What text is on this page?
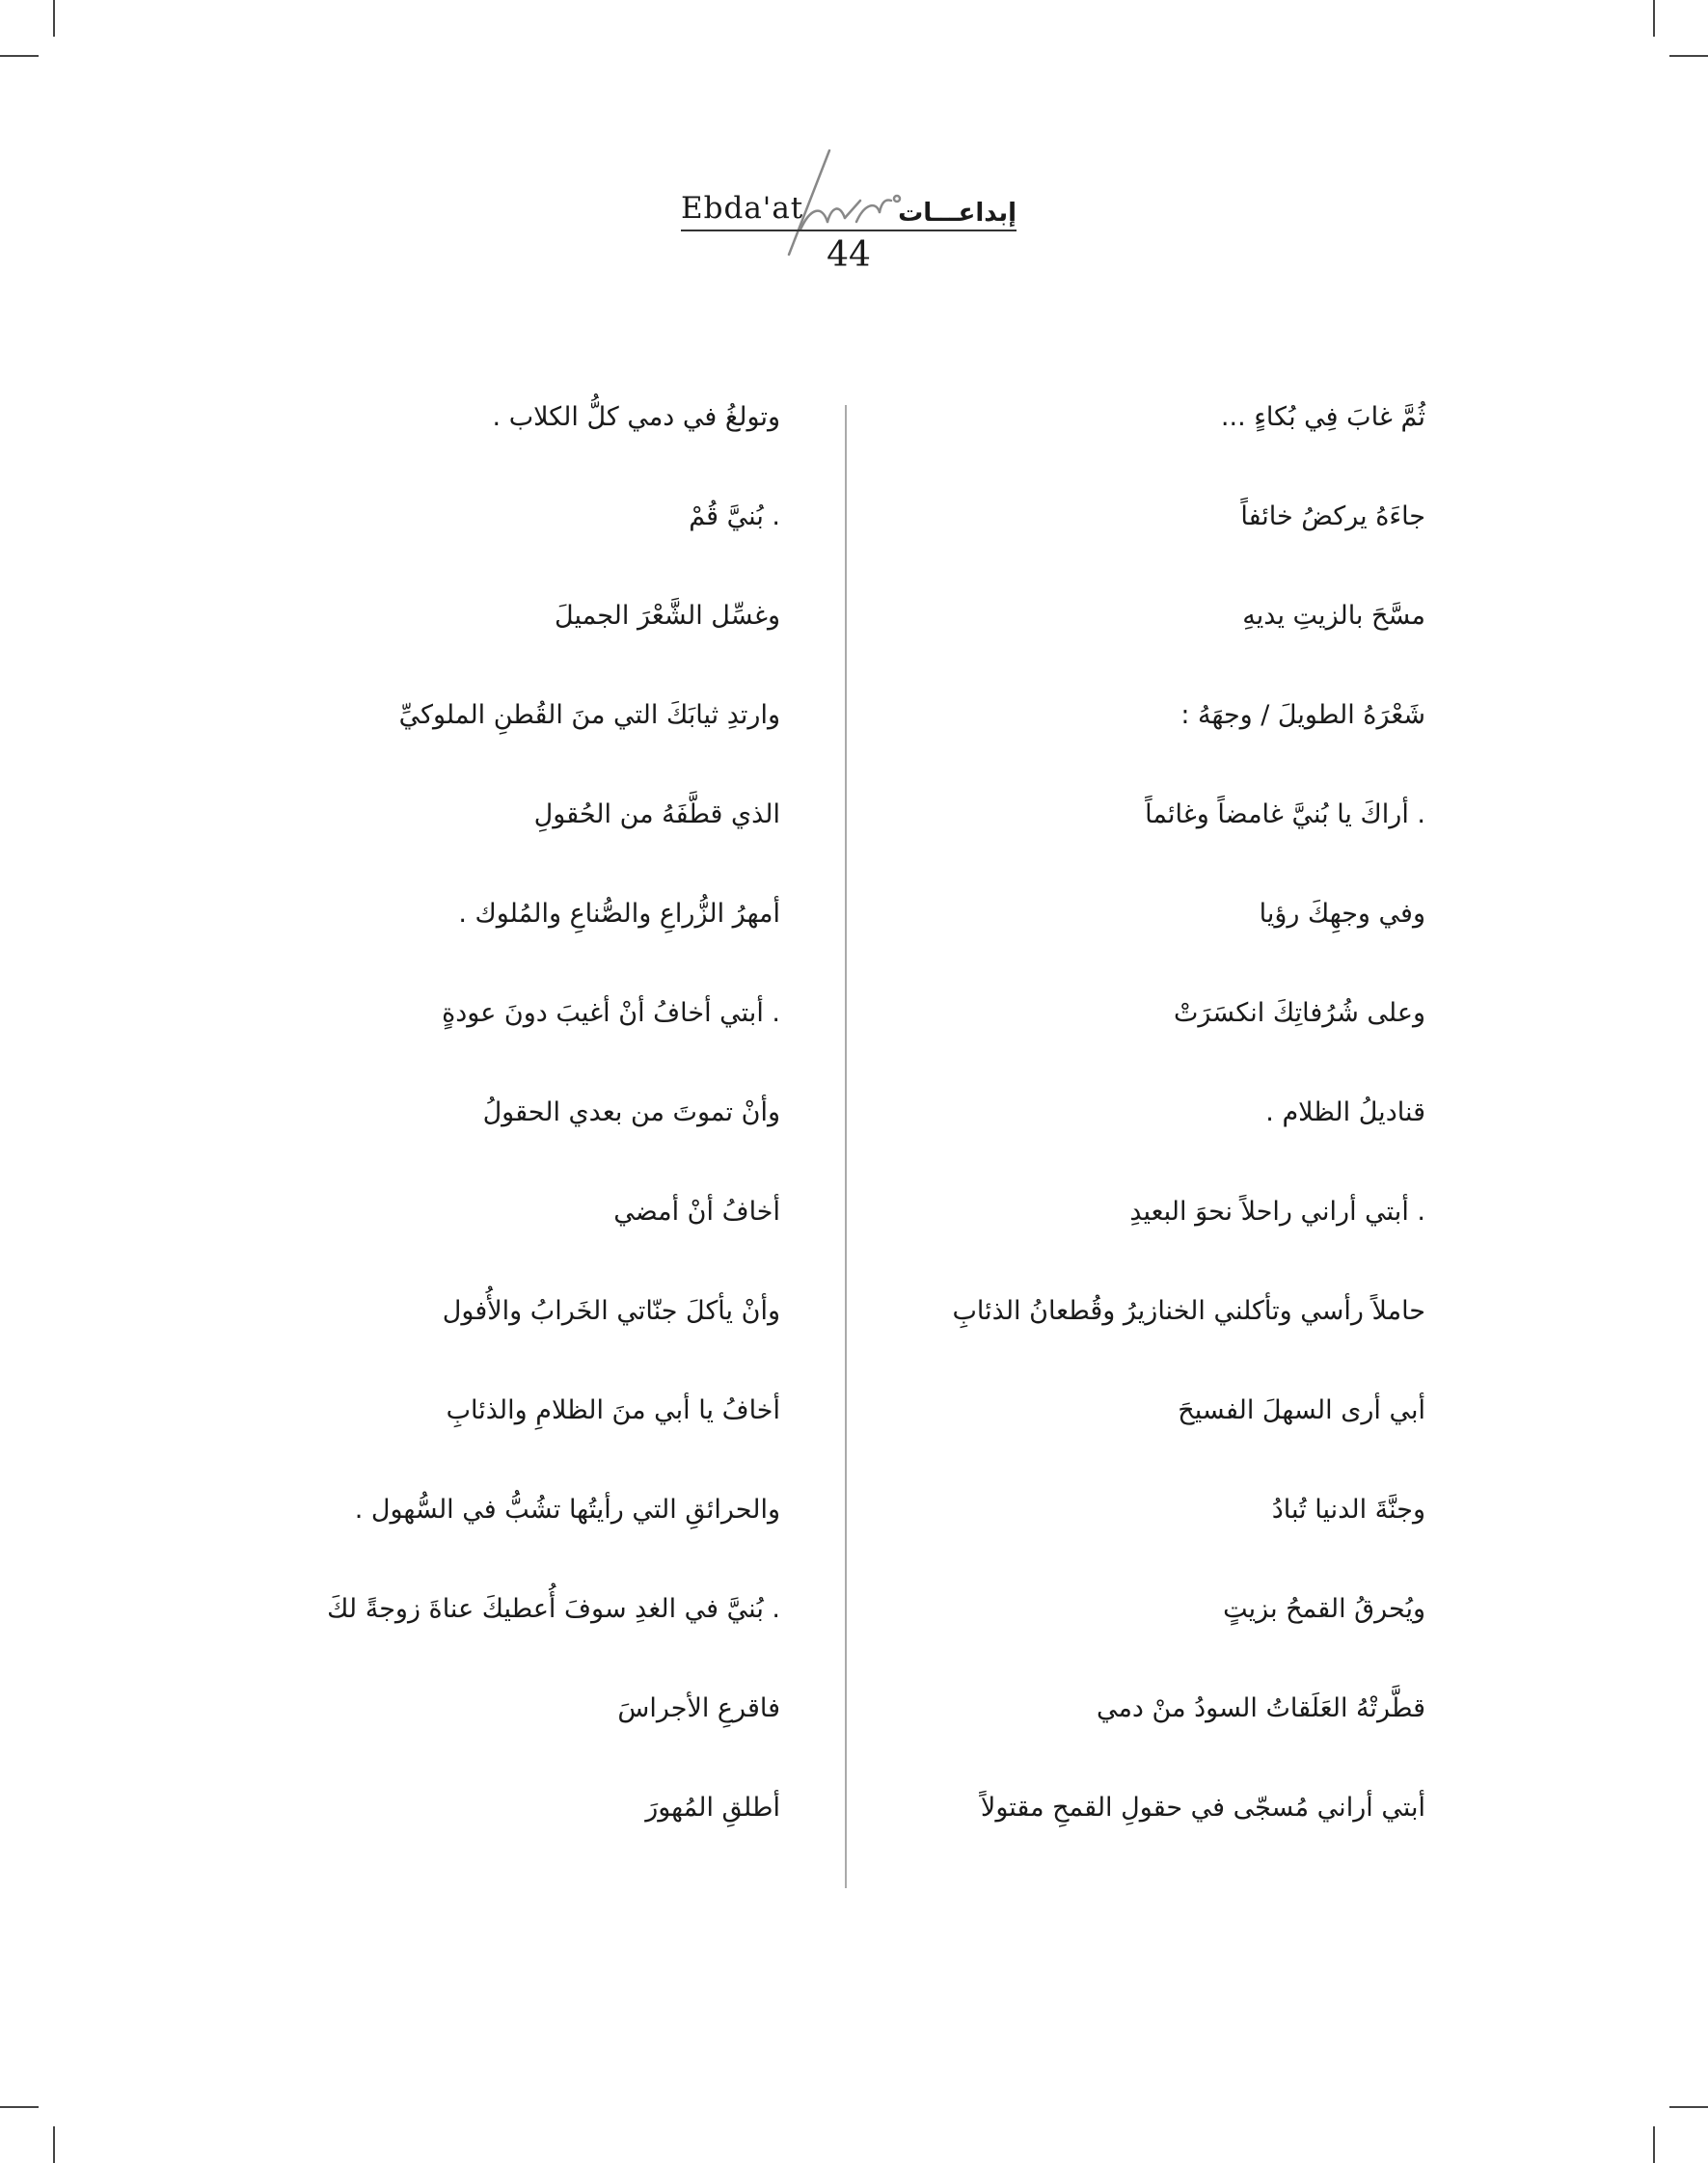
Ebda'at	إبداعـــات
44
ثُمَّ غابَ فِي بُكاءٍ ...
جاءَهُ يركضُ خائفاً
مسَّحَ بالزيتِ يديهِ
شَعْرَهُ الطويلَ / وجهَهُ :
. أراكَ يا بُنيَّ غامضاً وغائماً
وفي وجهِكَ رؤيا
وعلى شُرُفاتِكَ انكسَرَتْ
قناديلُ الظلام .
. أبتي أراني راحلاً نحوَ البعيدِ
حاملاً رأسي وتأكلني الخنازيرُ وقُطعانُ الذئابِ
أبي أرى السهلَ الفسيحَ
وجنَّةَ الدنيا تُبادُ
ويُحرقُ القمحُ بزيتٍ
قطَّرتْهُ العَلَقاتُ السودُ منْ دمي
أبتي أراني مُسجّى في حقولِ القمحِ مقتولاً
وتولغُ في دمي كلُّ الكلاب .
. بُنيَّ قُمْ
وغسِّل الشَّعْرَ الجميلَ
وارتدِ ثيابَكَ التي منَ القُطنِ الملوكيِّ
الذي قطَّفَهُ من الحُقولِ
أمهرُ الزُّراعِ والصُّناعِ والمُلوك .
. أبتي أخافُ أنْ أغيبَ دونَ عودةٍ
وأنْ تموتَ من بعدي الحقولُ
أخافُ أنْ أمضي
وأنْ يأكلَ جنّاتي الخَرابُ والأُفول
أخافُ يا أبي منَ الظلامِ والذئابِ
والحرائقِ التي رأيتُها تشُبُّ في السُّهول .
. بُنيَّ في الغدِ سوفَ أُعطيكَ عناةَ زوجةً لكَ
فاقرعِ الأجراسَ
أطلقِ المُهورَ
